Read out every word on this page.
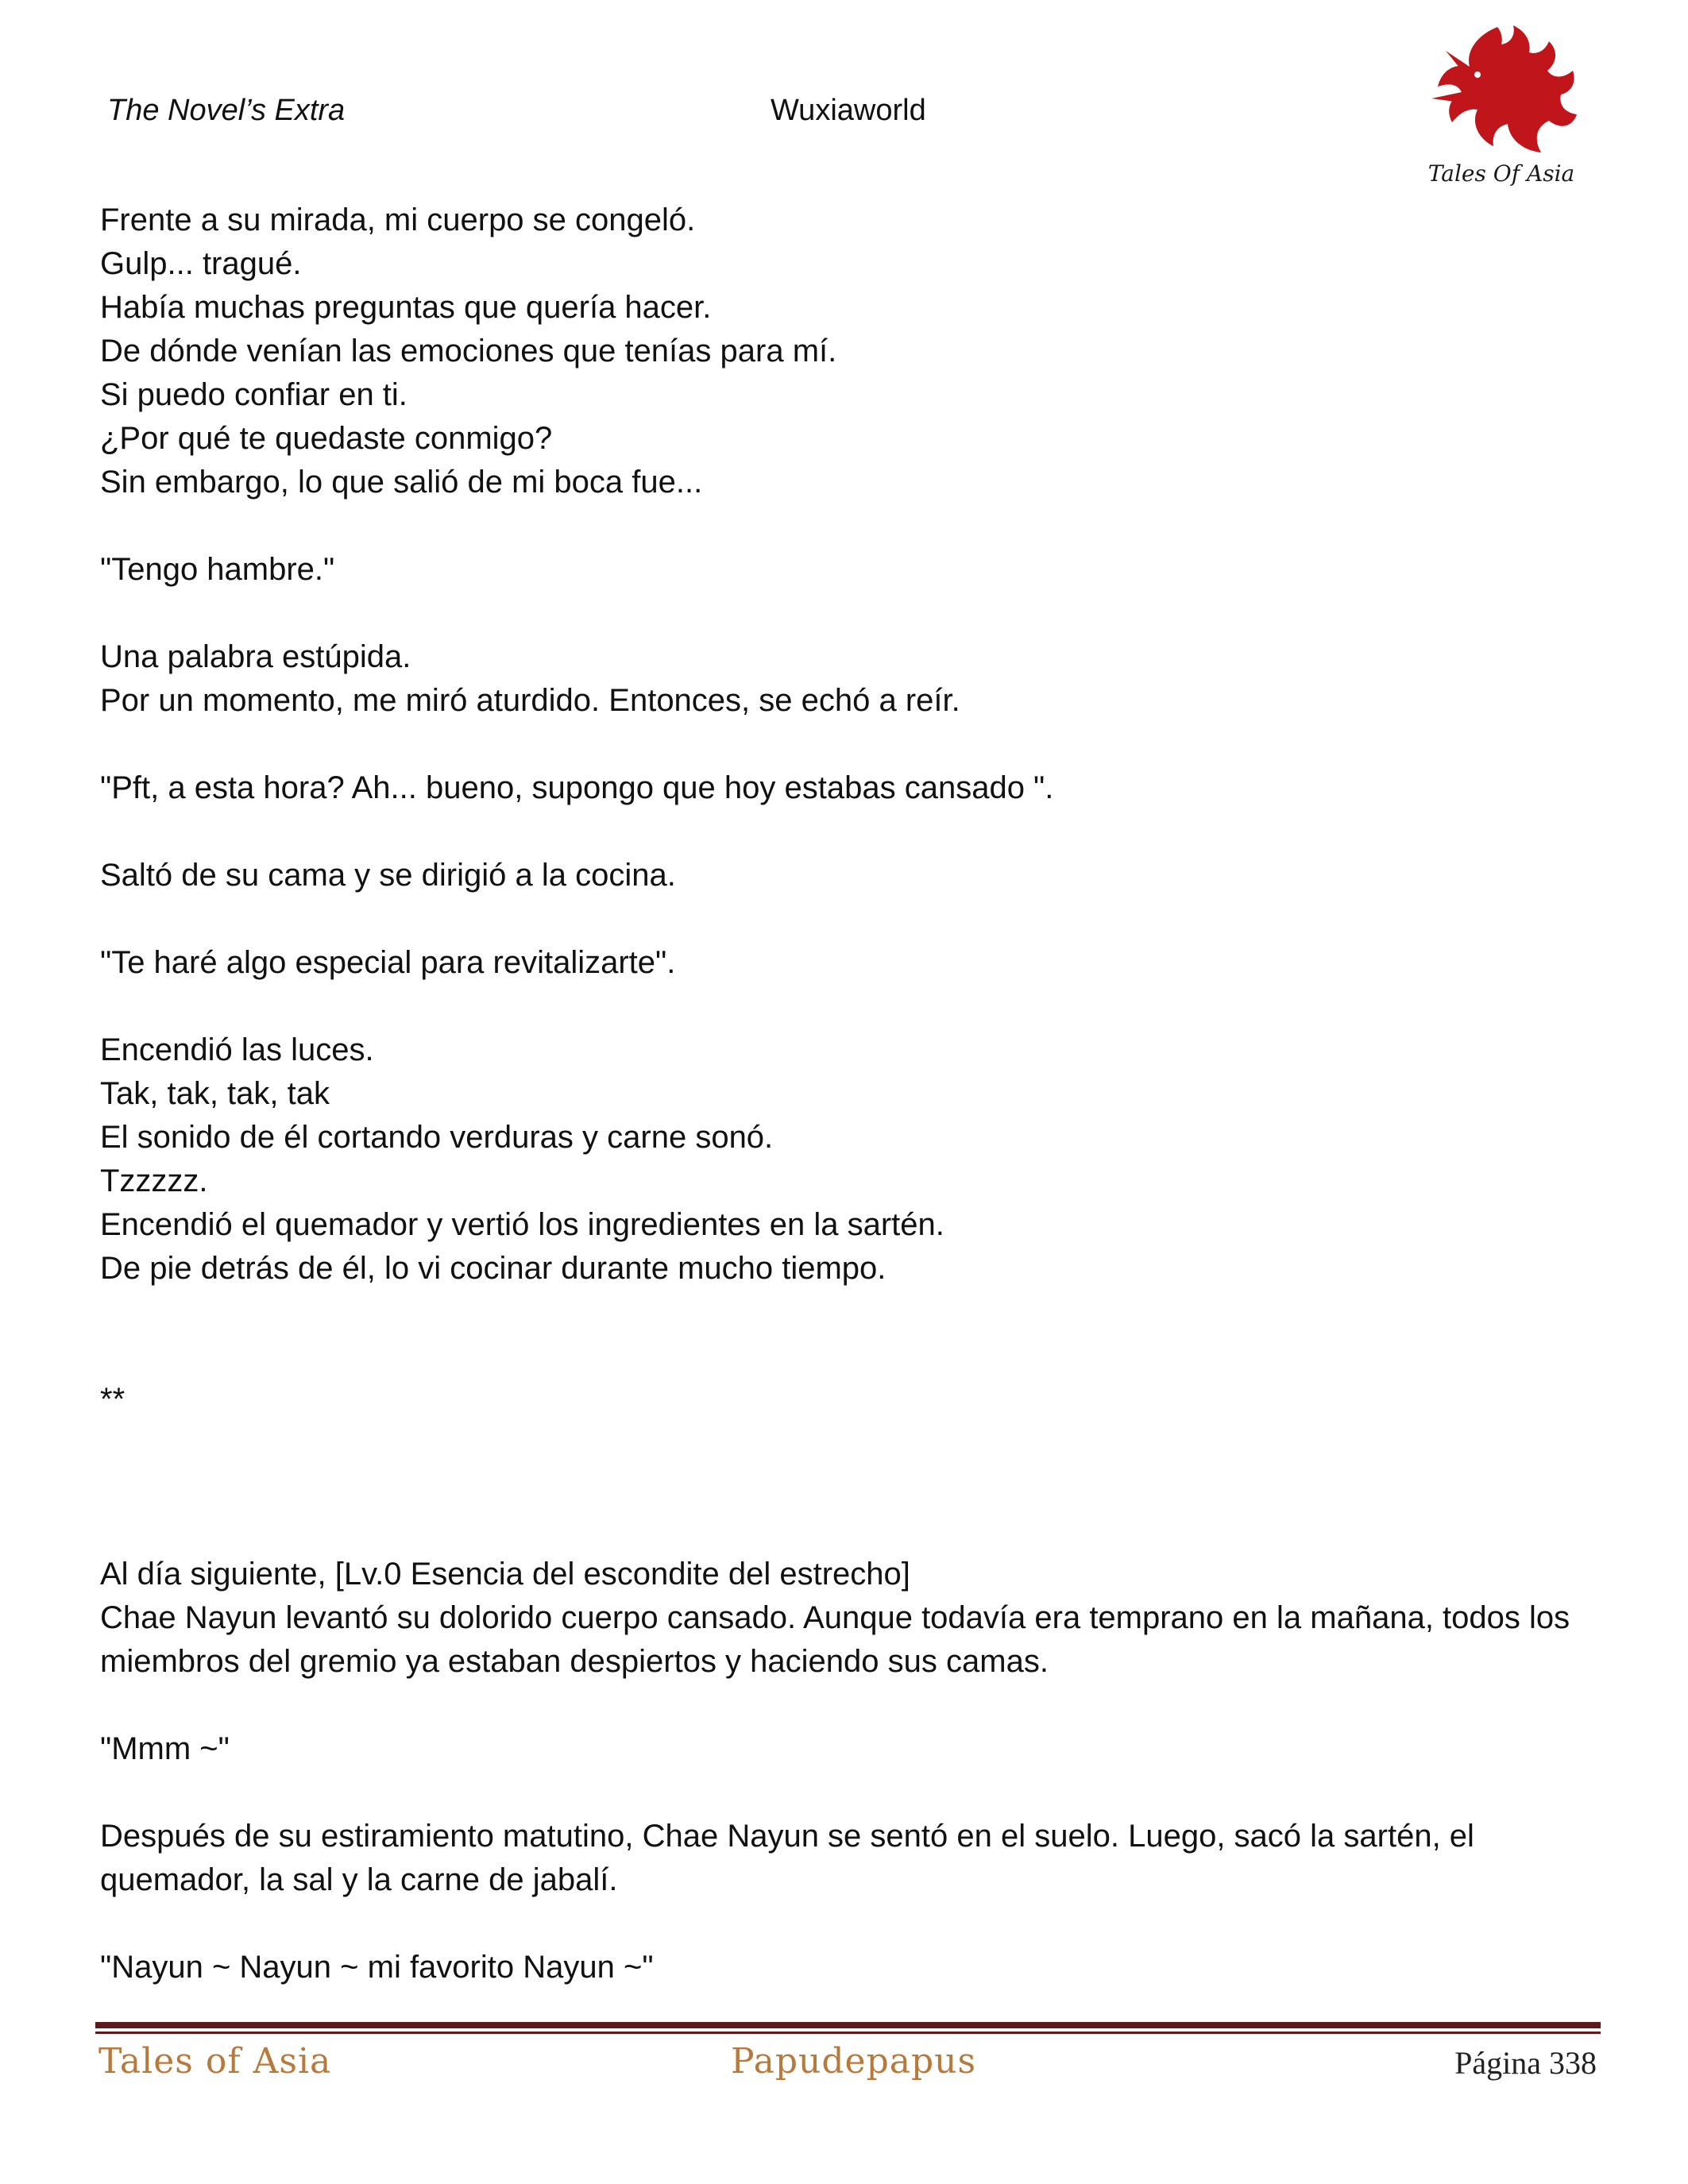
The Novel’s Extra	Wuxiaworld
Tales Of Asia

Frente a su mirada, mi cuerpo se congeló.

Gulp... tragué.

Había muchas preguntas que quería hacer.

De dónde venían las emociones que tenías para mí.

Si puedo confiar en ti.

¿Por qué te quedaste conmigo?

Sin embargo, lo que salió de mi boca fue...

"Tengo hambre."

Una palabra estúpida.

Por un momento, me miró aturdido. Entonces, se echó a reír.

"Pft, a esta hora? Ah... bueno, supongo que hoy estabas cansado ".

Saltó de su cama y se dirigió a la cocina.

"Te haré algo especial para revitalizarte".

Encendió las luces.

Tak, tak, tak, tak

El sonido de él cortando verduras y carne sonó.

Tzzzzz.

Encendió el quemador y vertió los ingredientes en la sartén.

De pie detrás de él, lo vi cocinar durante mucho tiempo.

**

Al día siguiente, [Lv.0 Esencia del escondite del estrecho]

Chae Nayun levantó su dolorido cuerpo cansado. Aunque todavía era temprano en la mañana, todos los miembros del gremio ya estaban despiertos y haciendo sus camas.

"Mmm ~"

Después de su estiramiento matutino, Chae Nayun se sentó en el suelo. Luego, sacó la sartén, el quemador, la sal y la carne de jabalí.

"Nayun ~ Nayun ~ mi favorito Nayun ~"

Tales of Asia	Papudepapus	Página 338
